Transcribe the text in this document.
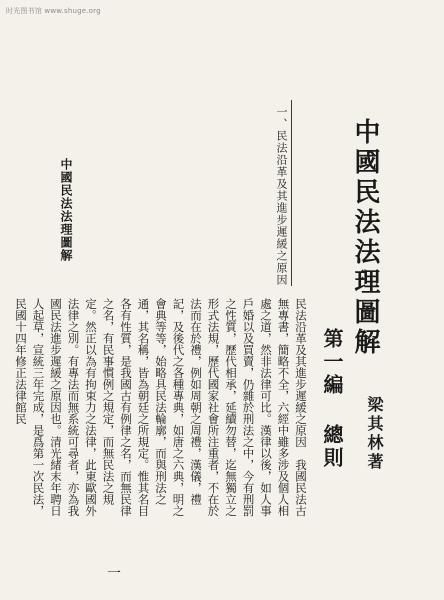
时光图书馆 www.shuge.org
中國民法法理圖解
梁其林著
第一編 總則
一、民法沿革及其進步遲緩之原因

民法沿革及其進步遲緩之原因　我國民法古無專書，簡略不全，六經中雖多涉及個人相處之道，然非法律可比。漢律以後，如人事戶婚以及買賣，仍雜於刑法之中，今有刑罰之性質，歷代相承，延續勿替，迄無獨立之形式法規，歷代國家社會所注重者，不在於法而在於禮，例如周朝之周禮，漢儀，禮記，及後代之各種專典，如唐之六典，明之會典等等，始略具民法輪廓，而與刑法之通，其名稱，皆為朝廷之所規定。惟其名目各有性質，是我國古有例律之名，而無民律之名，有民事慣例之規定，而無民法之規定。然正以為有拘束力之法律，此東歐國外法律之別。有專法而無系統可尋者，亦為我國民法進步遲緩之原因也。清光緒末年聘日人起草，宣統三年完成，是爲第一次民法，民國十四年修正法律館民

中國民法法理圖解
一
